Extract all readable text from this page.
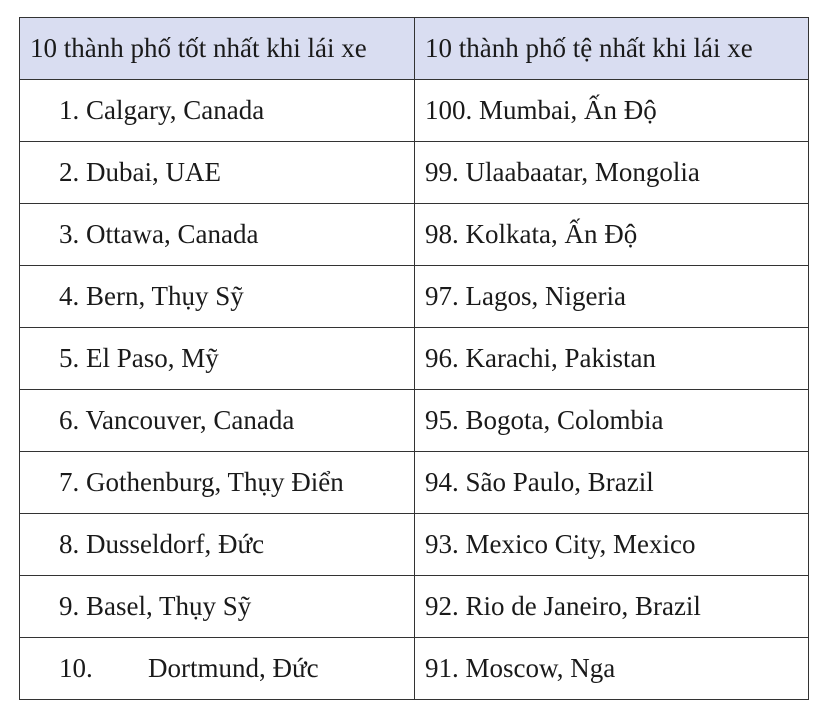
10 thành phố tốt nhất khi lái xe	10 thành phố tệ nhất khi lái xe
1. Calgary, Canada	100. Mumbai, Ấn Độ
2. Dubai, UAE	99. Ulaabaatar, Mongolia
3. Ottawa, Canada	98. Kolkata, Ấn Độ
4. Bern, Thụy Sỹ	97. Lagos, Nigeria
5. El Paso, Mỹ	96. Karachi, Pakistan
6. Vancouver, Canada	95. Bogota, Colombia
7. Gothenburg, Thụy Điển	94. São Paulo, Brazil
8. Dusseldorf, Đức	93. Mexico City, Mexico
9. Basel, Thụy Sỹ	92. Rio de Janeiro, Brazil
10. Dortmund, Đức	91. Moscow, Nga
